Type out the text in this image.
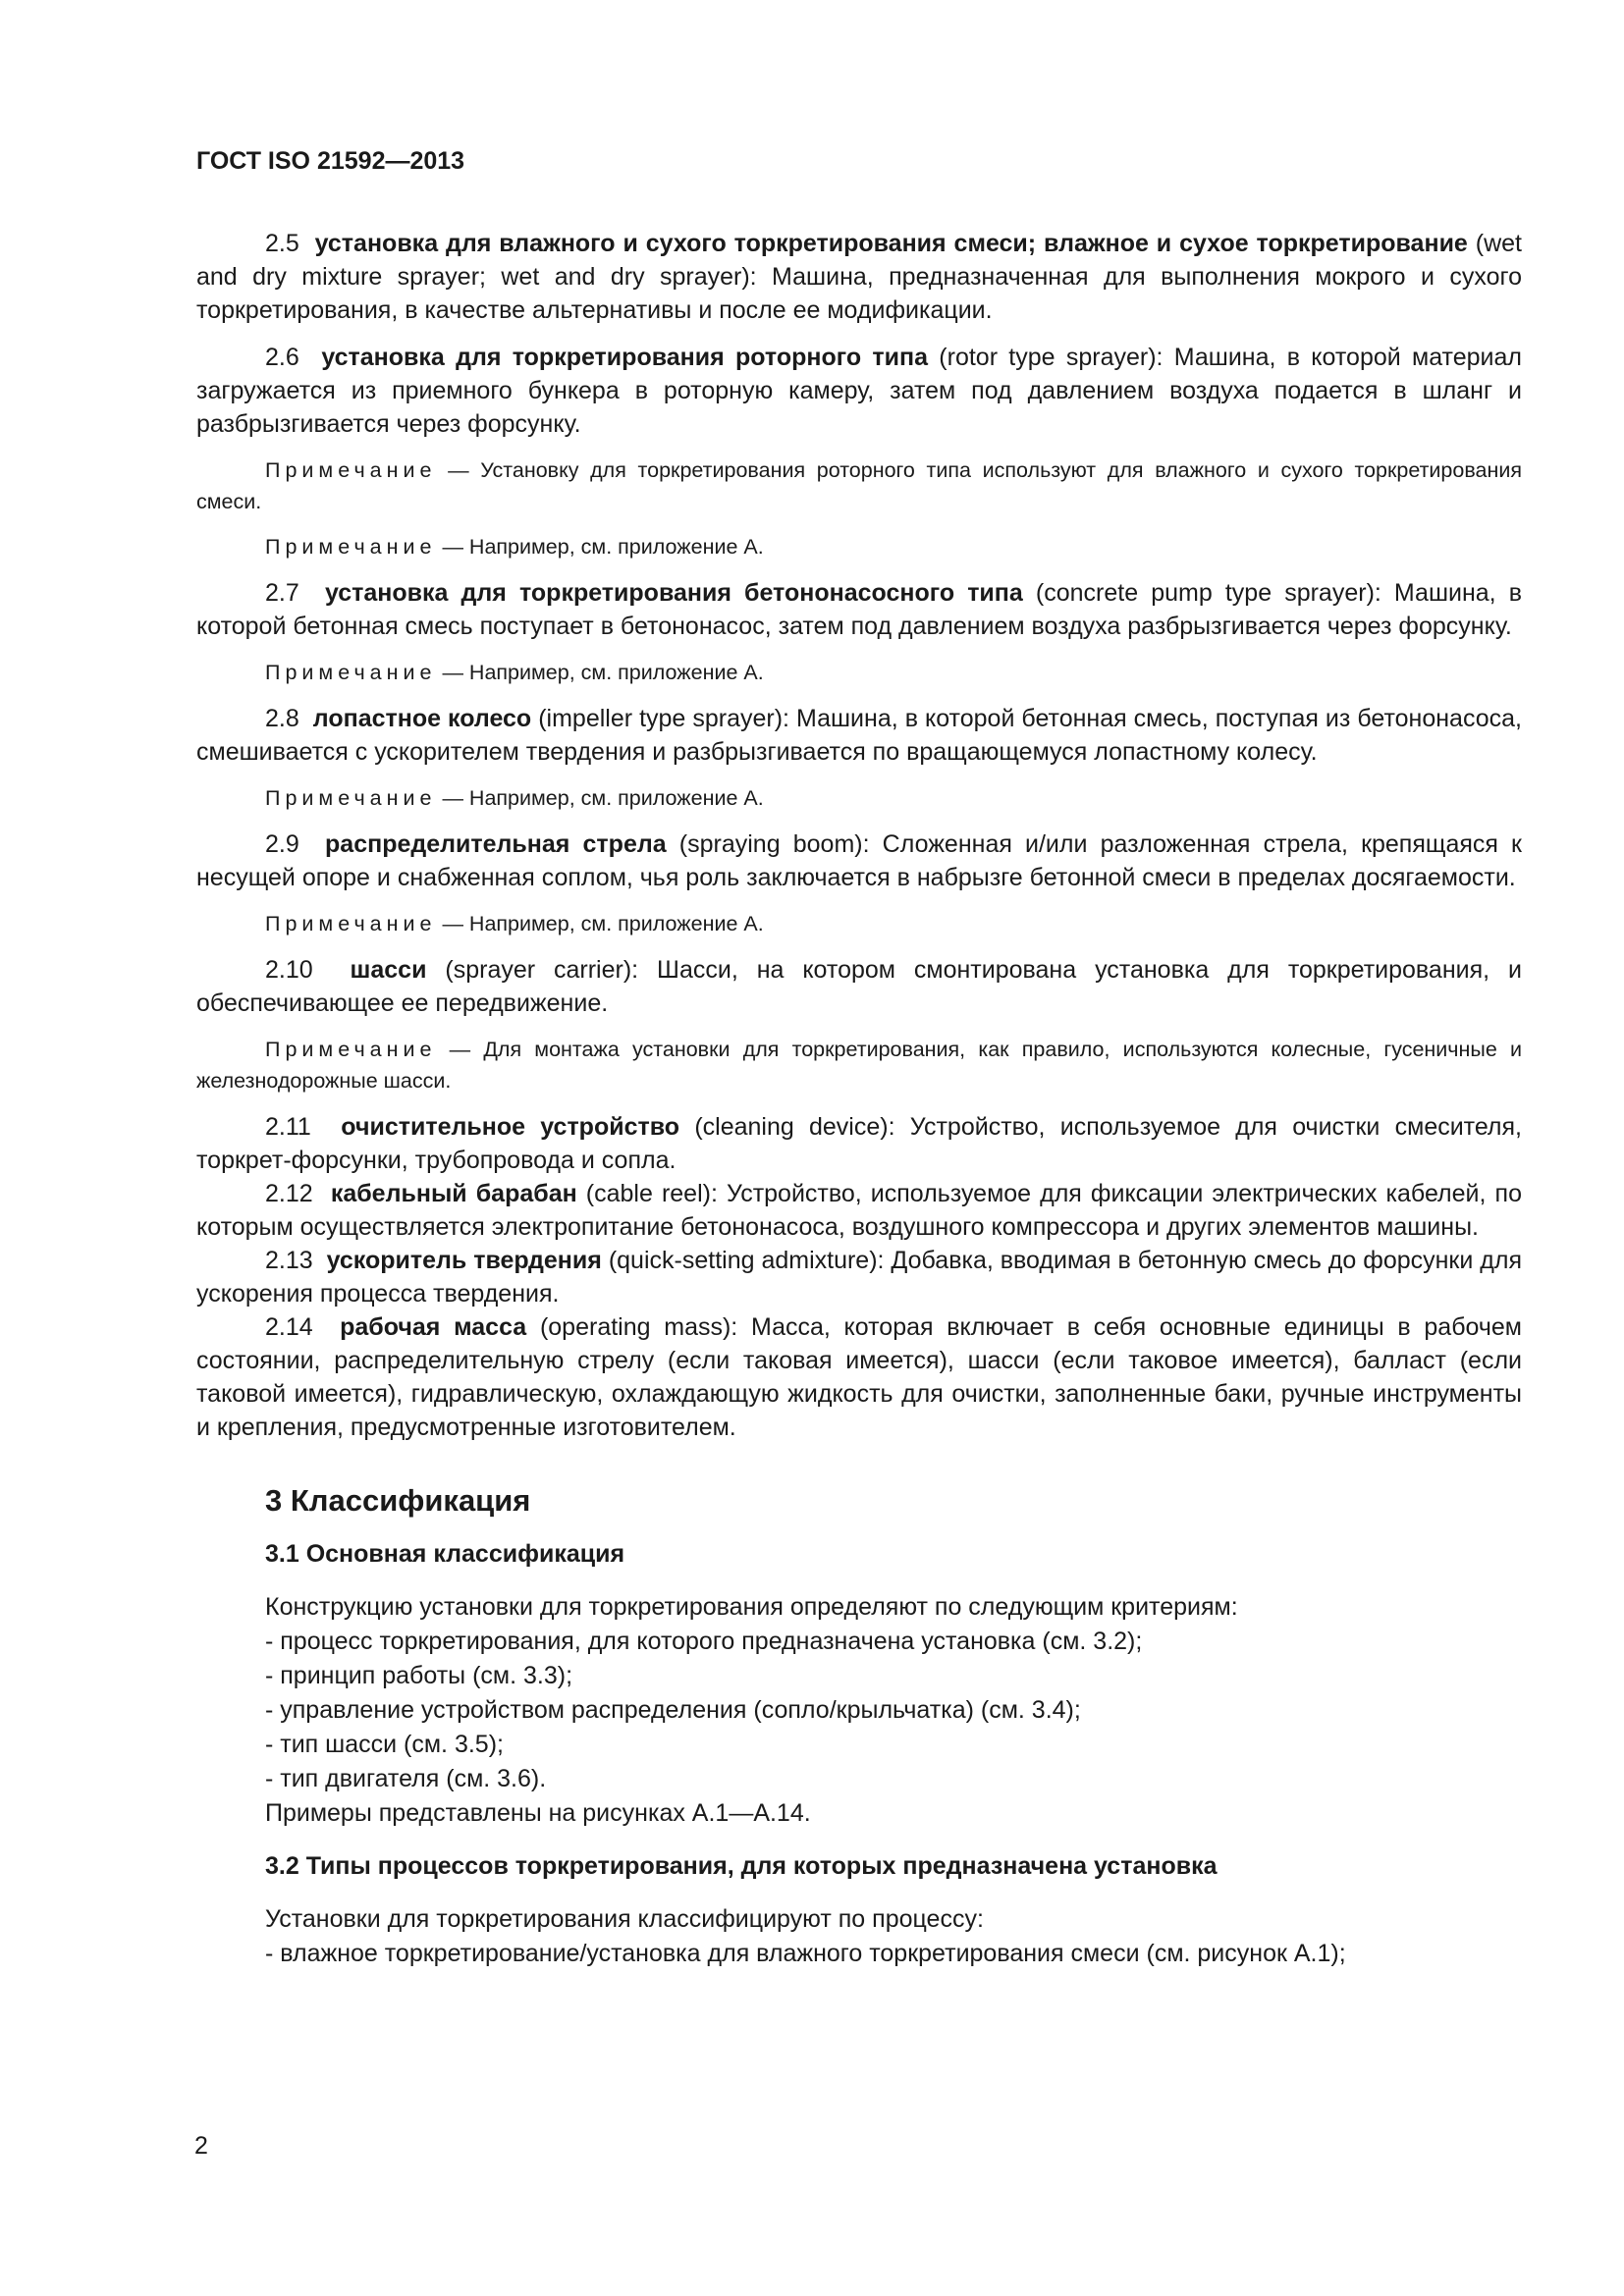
ГОСТ ISO 21592—2013

2.5 установка для влажного и сухого торкретирования смеси; влажное и сухое торкретирование (wet and dry mixture sprayer; wet and dry sprayer): Машина, предназначенная для выполнения мокрого и сухого торкретирования, в качестве альтернативы и после ее модификации.

2.6 установка для торкретирования роторного типа (rotor type sprayer): Машина, в которой материал загружается из приемного бункера в роторную камеру, затем под давлением воздуха подается в шланг и разбрызгивается через форсунку.

Примечание — Установку для торкретирования роторного типа используют для влажного и сухого торкретирования смеси.

Примечание — Например, см. приложение А.

2.7 установка для торкретирования бетононасосного типа (concrete pump type sprayer): Машина, в которой бетонная смесь поступает в бетононасос, затем под давлением воздуха разбрызгивается через форсунку.

Примечание — Например, см. приложение А.

2.8 лопастное колесо (impeller type sprayer): Машина, в которой бетонная смесь, поступая из бетононасоса, смешивается с ускорителем твердения и разбрызгивается по вращающемуся лопастному колесу.

Примечание — Например, см. приложение А.

2.9 распределительная стрела (spraying boom): Сложенная и/или разложенная стрела, крепящаяся к несущей опоре и снабженная соплом, чья роль заключается в набрызге бетонной смеси в пределах досягаемости.

Примечание — Например, см. приложение А.

2.10 шасси (sprayer carrier): Шасси, на котором смонтирована установка для торкретирования, и обеспечивающее ее передвижение.

Примечание — Для монтажа установки для торкретирования, как правило, используются колесные, гусеничные и железнодорожные шасси.

2.11 очистительное устройство (cleaning device): Устройство, используемое для очистки смесителя, торкрет-форсунки, трубопровода и сопла.

2.12 кабельный барабан (cable reel): Устройство, используемое для фиксации электрических кабелей, по которым осуществляется электропитание бетононасоса, воздушного компрессора и других элементов машины.

2.13 ускоритель твердения (quick-setting admixture): Добавка, вводимая в бетонную смесь до форсунки для ускорения процесса твердения.

2.14 рабочая масса (operating mass): Масса, которая включает в себя основные единицы в рабочем состоянии, распределительную стрелу (если таковая имеется), шасси (если таковое имеется), балласт (если таковой имеется), гидравлическую, охлаждающую жидкость для очистки, заполненные баки, ручные инструменты и крепления, предусмотренные изготовителем.

3 Классификация
3.1 Основная классификация
Конструкцию установки для торкретирования определяют по следующим критериям:
- процесс торкретирования, для которого предназначена установка (см. 3.2);
- принцип работы (см. 3.3);
- управление устройством распределения (сопло/крыльчатка) (см. 3.4);
- тип шасси (см. 3.5);
- тип двигателя (см. 3.6).
Примеры представлены на рисунках А.1—А.14.
3.2 Типы процессов торкретирования, для которых предназначена установка
Установки для торкретирования классифицируют по процессу:
- влажное торкретирование/установка для влажного торкретирования смеси (см. рисунок А.1);
2
